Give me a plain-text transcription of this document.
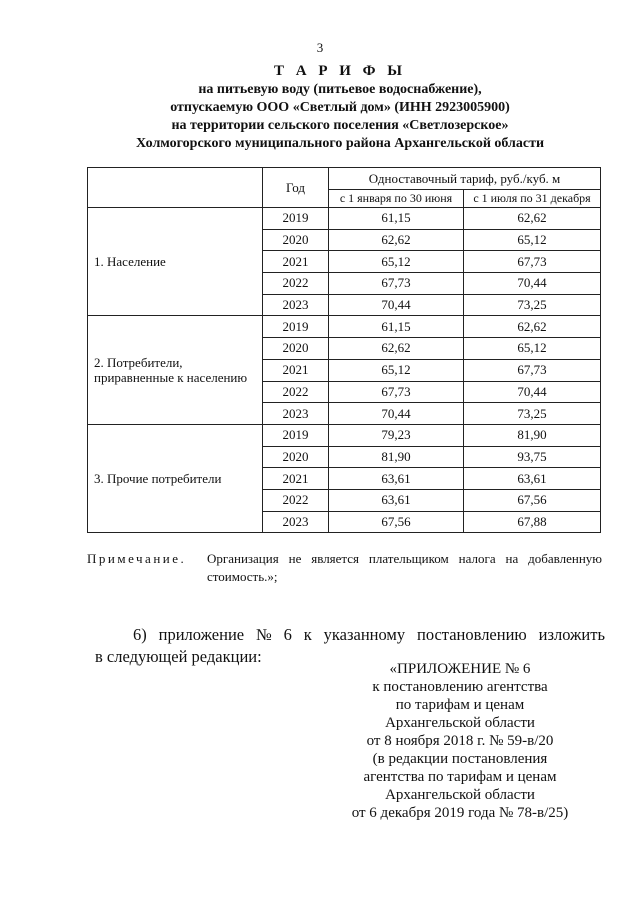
3
Т А Р И Ф Ы
на питьевую воду (питьевое водоснабжение),
отпускаемую ООО «Светлый дом» (ИНН 2923005900)
на территории сельского поселения «Светлозерское»
Холмогорского муниципального района Архангельской области
	Год	Одноставочный тариф, руб./куб. м	
		с 1 января по 30 июня	с 1 июля по 31 декабря
1. Население	2019	61,15	62,62
	2020	62,62	65,12
	2021	65,12	67,73
	2022	67,73	70,44
	2023	70,44	73,25
2. Потребители,
приравненные к населению	2019	61,15	62,62
	2020	62,62	65,12
	2021	65,12	67,73
	2022	67,73	70,44
	2023	70,44	73,25
3. Прочие потребители	2019	79,23	81,90
	2020	81,90	93,75
	2021	63,61	63,61
	2022	63,61	67,56
	2023	67,56	67,88
Примечание. Организация не является плательщиком налога на добавленную стоимость.»;
6) приложение № 6 к указанному постановлению изложить
в следующей редакции:
«ПРИЛОЖЕНИЕ № 6
к постановлению агентства
по тарифам и ценам
Архангельской области
от 8 ноября 2018 г. № 59-в/20
(в редакции постановления
агентства по тарифам и ценам
Архангельской области
от 6 декабря 2019 года № 78-в/25)
